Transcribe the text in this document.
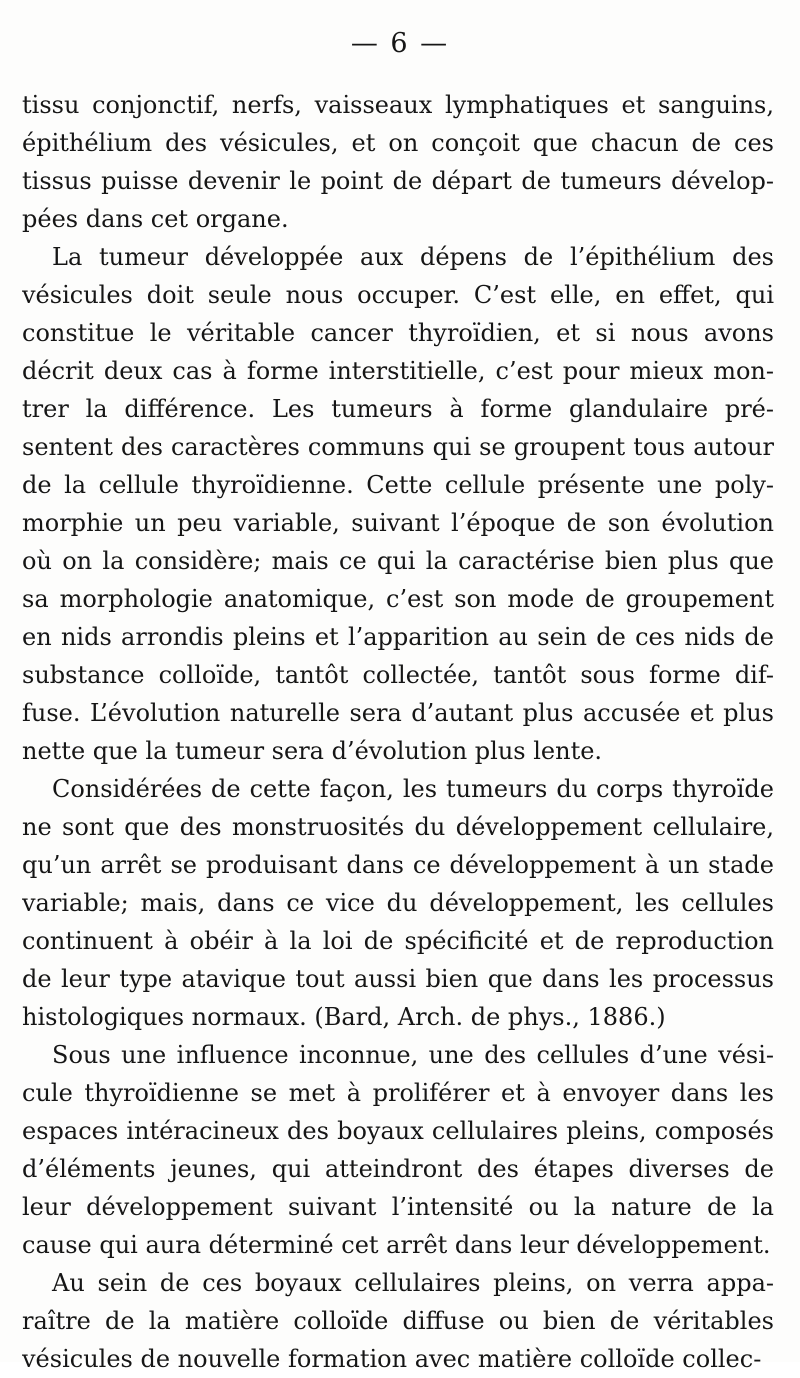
— 6 —
tissu conjonctif, nerfs, vaisseaux lymphatiques et sanguins,
épithélium des vésicules, et on conçoit que chacun de ces
tissus puisse devenir le point de départ de tumeurs dévelop-
pées dans cet organe.
La tumeur développée aux dépens de l’épithélium des
vésicules doit seule nous occuper. C’est elle, en effet, qui
constitue le véritable cancer thyroïdien, et si nous avons
décrit deux cas à forme interstitielle, c’est pour mieux mon-
trer la différence. Les tumeurs à forme glandulaire pré-
sentent des caractères communs qui se groupent tous autour
de la cellule thyroïdienne. Cette cellule présente une poly-
morphie un peu variable, suivant l’époque de son évolution
où on la considère; mais ce qui la caractérise bien plus que
sa morphologie anatomique, c’est son mode de groupement
en nids arrondis pleins et l’apparition au sein de ces nids de
substance colloïde, tantôt collectée, tantôt sous forme dif-
fuse. L’évolution naturelle sera d’autant plus accusée et plus
nette que la tumeur sera d’évolution plus lente.
Considérées de cette façon, les tumeurs du corps thyroïde
ne sont que des monstruosités du développement cellulaire,
qu’un arrêt se produisant dans ce développement à un stade
variable; mais, dans ce vice du développement, les cellules
continuent à obéir à la loi de spécificité et de reproduction
de leur type atavique tout aussi bien que dans les processus
histologiques normaux. (Bard, Arch. de phys., 1886.)
Sous une influence inconnue, une des cellules d’une vési-
cule thyroïdienne se met à proliférer et à envoyer dans les
espaces intéracineux des boyaux cellulaires pleins, composés
d’éléments jeunes, qui atteindront des étapes diverses de
leur développement suivant l’intensité ou la nature de la
cause qui aura déterminé cet arrêt dans leur développement.
Au sein de ces boyaux cellulaires pleins, on verra appa-
raître de la matière colloïde diffuse ou bien de véritables
vésicules de nouvelle formation avec matière colloïde collec-
